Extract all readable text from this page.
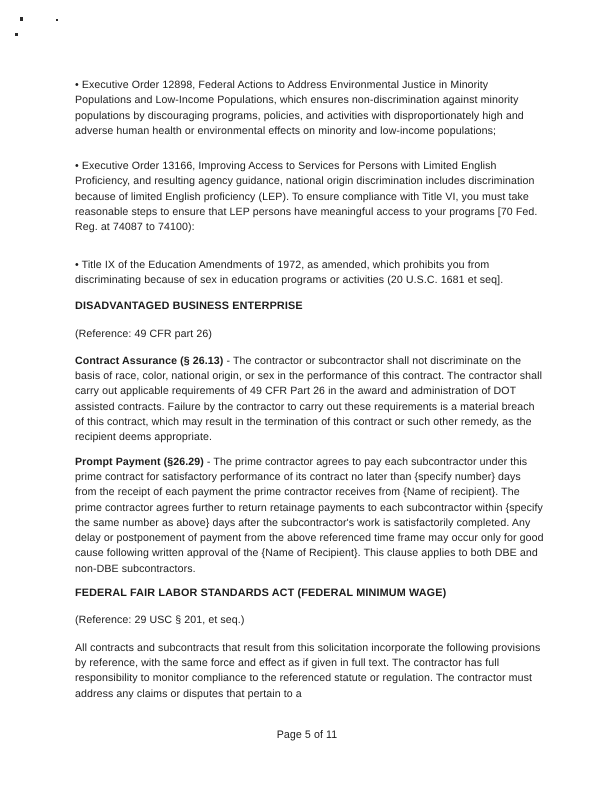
• Executive Order 12898, Federal Actions to Address Environmental Justice in Minority Populations and Low-Income Populations, which ensures non-discrimination against minority populations by discouraging programs, policies, and activities with disproportionately high and adverse human health or environmental effects on minority and low-income populations;
• Executive Order 13166, Improving Access to Services for Persons with Limited English Proficiency, and resulting agency guidance, national origin discrimination includes discrimination because of limited English proficiency (LEP). To ensure compliance with Title VI, you must take reasonable steps to ensure that LEP persons have meaningful access to your programs [70 Fed. Reg. at 74087 to 74100):
• Title IX of the Education Amendments of 1972, as amended, which prohibits you from discriminating because of sex in education programs or activities (20 U.S.C. 1681 et seq].
DISADVANTAGED BUSINESS ENTERPRISE
(Reference: 49 CFR part 26)
Contract Assurance (§ 26.13) - The contractor or subcontractor shall not discriminate on the basis of race, color, national origin, or sex in the performance of this contract. The contractor shall carry out applicable requirements of 49 CFR Part 26 in the award and administration of DOT assisted contracts. Failure by the contractor to carry out these requirements is a material breach of this contract, which may result in the termination of this contract or such other remedy, as the recipient deems appropriate.
Prompt Payment (§26.29) - The prime contractor agrees to pay each subcontractor under this prime contract for satisfactory performance of its contract no later than {specify number} days from the receipt of each payment the prime contractor receives from {Name of recipient}. The prime contractor agrees further to return retainage payments to each subcontractor within {specify the same number as above} days after the subcontractor's work is satisfactorily completed. Any delay or postponement of payment from the above referenced time frame may occur only for good cause following written approval of the {Name of Recipient}. This clause applies to both DBE and non-DBE subcontractors.
FEDERAL FAIR LABOR STANDARDS ACT (FEDERAL MINIMUM WAGE)
(Reference: 29 USC § 201, et seq.)
All contracts and subcontracts that result from this solicitation incorporate the following provisions by reference, with the same force and effect as if given in full text. The contractor has full responsibility to monitor compliance to the referenced statute or regulation. The contractor must address any claims or disputes that pertain to a
Page 5 of 11
